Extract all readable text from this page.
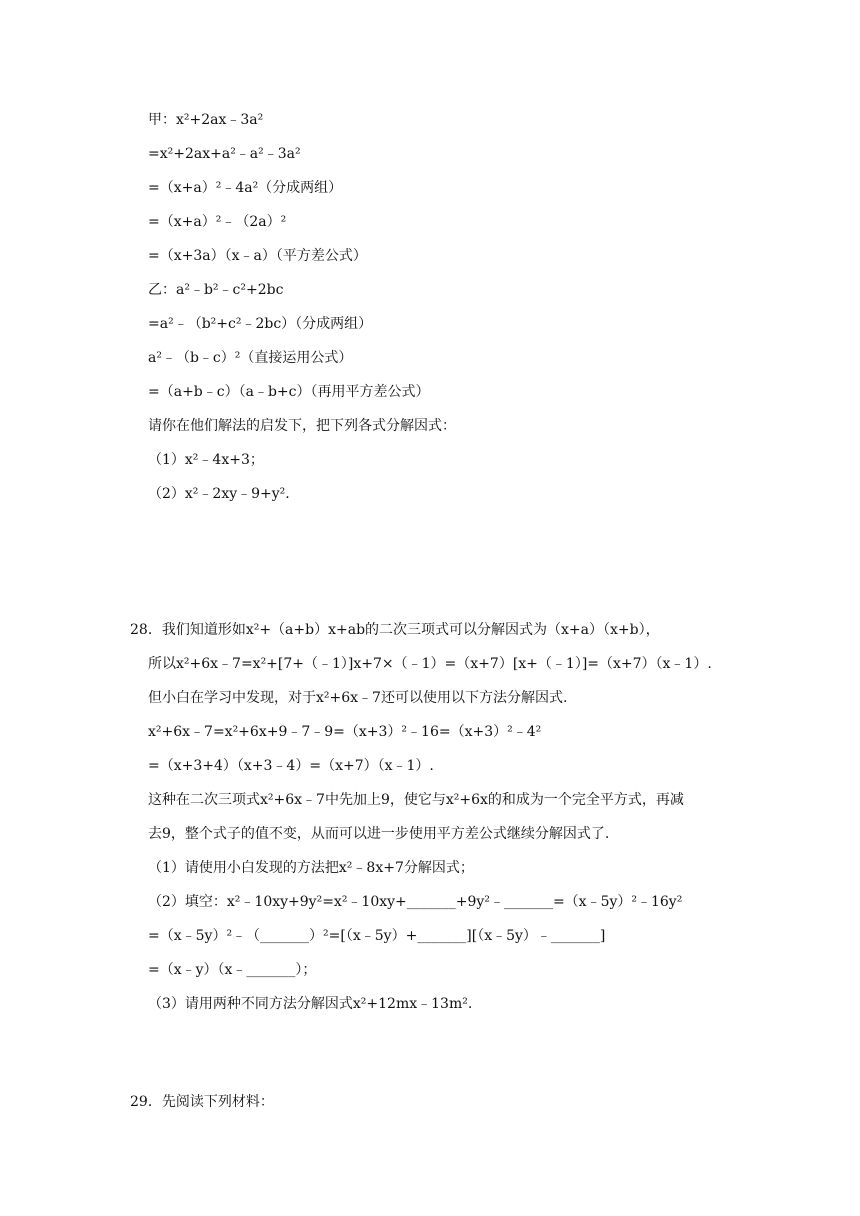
甲：x²+2ax﹣3a²
=x²+2ax+a²﹣a²﹣3a²
=（x+a）²﹣4a²（分成两组）
=（x+a）²﹣（2a）²
=（x+3a）（x﹣a）（平方差公式）
乙：a²﹣b²﹣c²+2bc
=a²﹣（b²+c²﹣2bc）（分成两组）
a²﹣（b﹣c）²（直接运用公式）
=（a+b﹣c）（a﹣b+c）（再用平方差公式）
请你在他们解法的启发下，把下列各式分解因式：
（1）x²﹣4x+3；
（2）x²﹣2xy﹣9+y².
28．我们知道形如x²+（a+b）x+ab的二次三项式可以分解因式为（x+a）（x+b），
所以x²+6x﹣7=x²+[7+（﹣1）]x+7×（﹣1）=（x+7）[x+（﹣1）]=（x+7）（x﹣1）.
但小白在学习中发现，对于x²+6x﹣7还可以使用以下方法分解因式.
x²+6x﹣7=x²+6x+9﹣7﹣9=（x+3）²﹣16=（x+3）²﹣4²
=（x+3+4）（x+3﹣4）=（x+7）（x﹣1）.
这种在二次三项式x²+6x﹣7中先加上9，使它与x²+6x的和成为一个完全平方式，再减
去9，整个式子的值不变，从而可以进一步使用平方差公式继续分解因式了.
（1）请使用小白发现的方法把x²﹣8x+7分解因式；
（2）填空：x²﹣10xy+9y²=x²﹣10xy+_______+9y²﹣_______=（x﹣5y）²﹣16y²
=（x﹣5y）²﹣（_______）²=[（x﹣5y）+_______][（x﹣5y）﹣_______]
=（x﹣y）（x﹣_______）；
（3）请用两种不同方法分解因式x²+12mx﹣13m².
29．先阅读下列材料：
